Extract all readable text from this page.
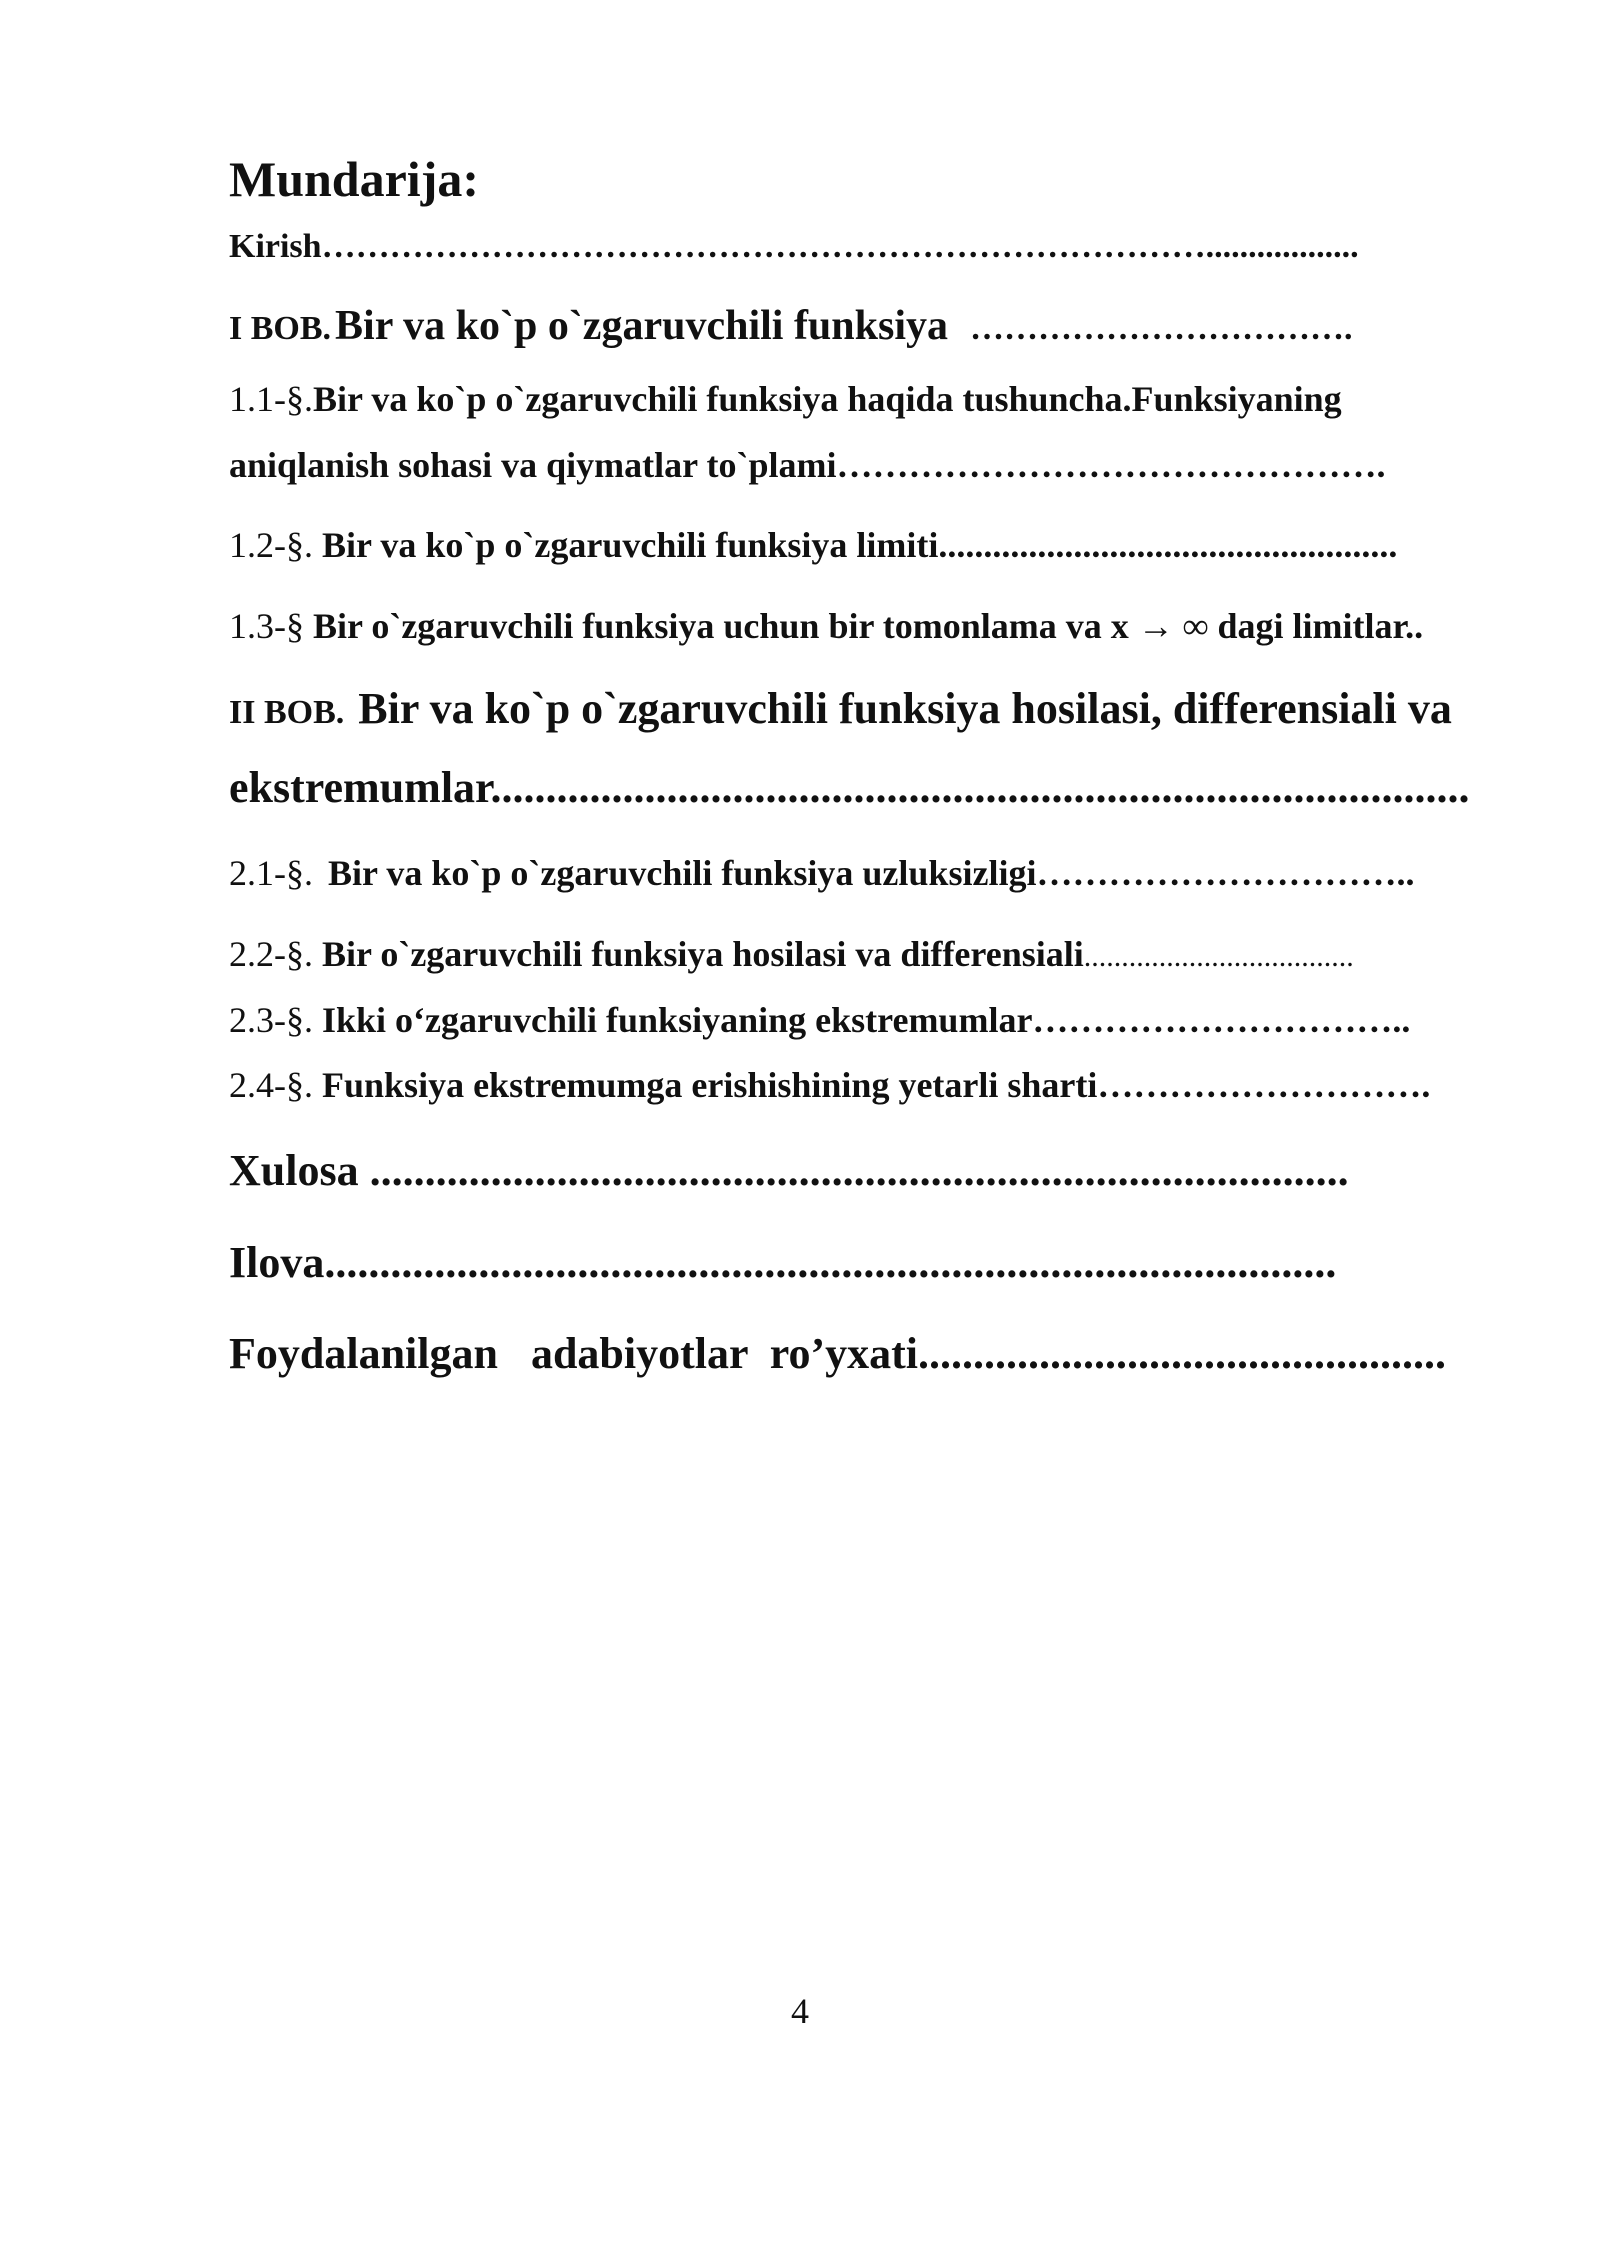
Mundarija:
Kirish……………………………………………………………………..................
I BOB. Bir va ko`p o`zgaruvchili funksiya …………………………….
1.1-§.Bir va ko`p o`zgaruvchili funksiya haqida tushuncha.Funksiyaning
aniqlanish sohasi va qiymatlar to`plami……………………………………….
1.2-§. Bir va ko`p o`zgaruvchili funksiya limiti...................................................
1.3-§ Bir o`zgaruvchili funksiya uchun bir tomonlama va x → ∞ dagi limitlar..
II BOB. Bir va ko`p o`zgaruvchili funksiya hosilasi, differensiali va
ekstremumlar.........................................................................................
2.1-§. Bir va ko`p o`zgaruvchili funksiya uzluksizligi…………………………..
2.2-§. Bir o`zgaruvchili funksiya hosilasi va differensiali....................................
2.3-§. Ikki o‘zgaruvchili funksiyaning ekstremumlar…………………………..
2.4-§. Funksiya ekstremumga erishishining yetarli sharti……………………….
Xulosa .........................................................................................
Ilova............................................................................................
Foydalanilgan   adabiyotlar  ro’yxati................................................
4
